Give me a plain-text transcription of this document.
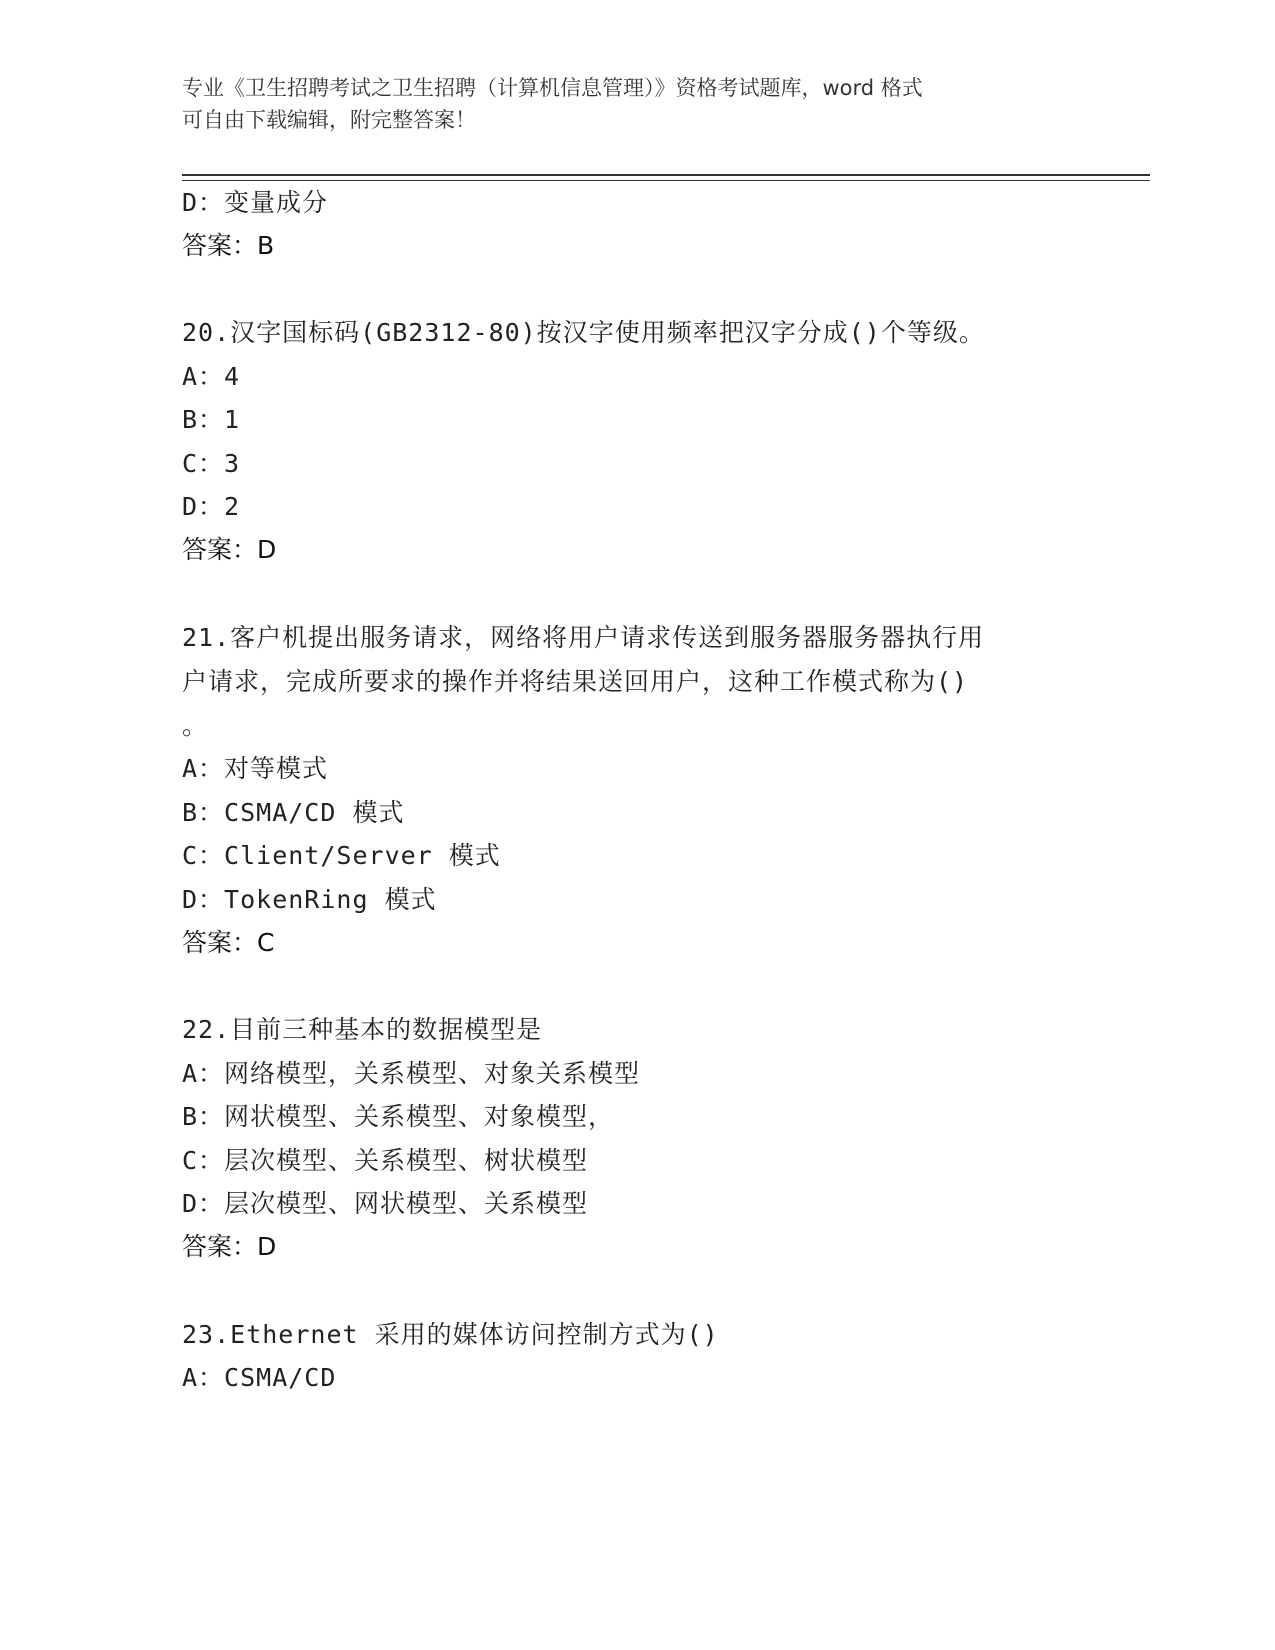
专业《卫生招聘考试之卫生招聘（计算机信息管理）》资格考试题库，word 格式
可自由下载编辑，附完整答案！
D：变量成分
答案：B
20.汉字国标码(GB2312-80)按汉字使用频率把汉字分成()个等级。
A：4
B：1
C：3
D：2
答案：D
21.客户机提出服务请求，网络将用户请求传送到服务器服务器执行用
户请求，完成所要求的操作并将结果送回用户，这种工作模式称为()
。
A：对等模式
B：CSMA/CD 模式
C：Client/Server 模式
D：TokenRing 模式
答案：C
22.目前三种基本的数据模型是
A：网络模型，关系模型、对象关系模型
B：网状模型、关系模型、对象模型，
C：层次模型、关系模型、树状模型
D：层次模型、网状模型、关系模型
答案：D
23.Ethernet 采用的媒体访问控制方式为()
A：CSMA/CD
